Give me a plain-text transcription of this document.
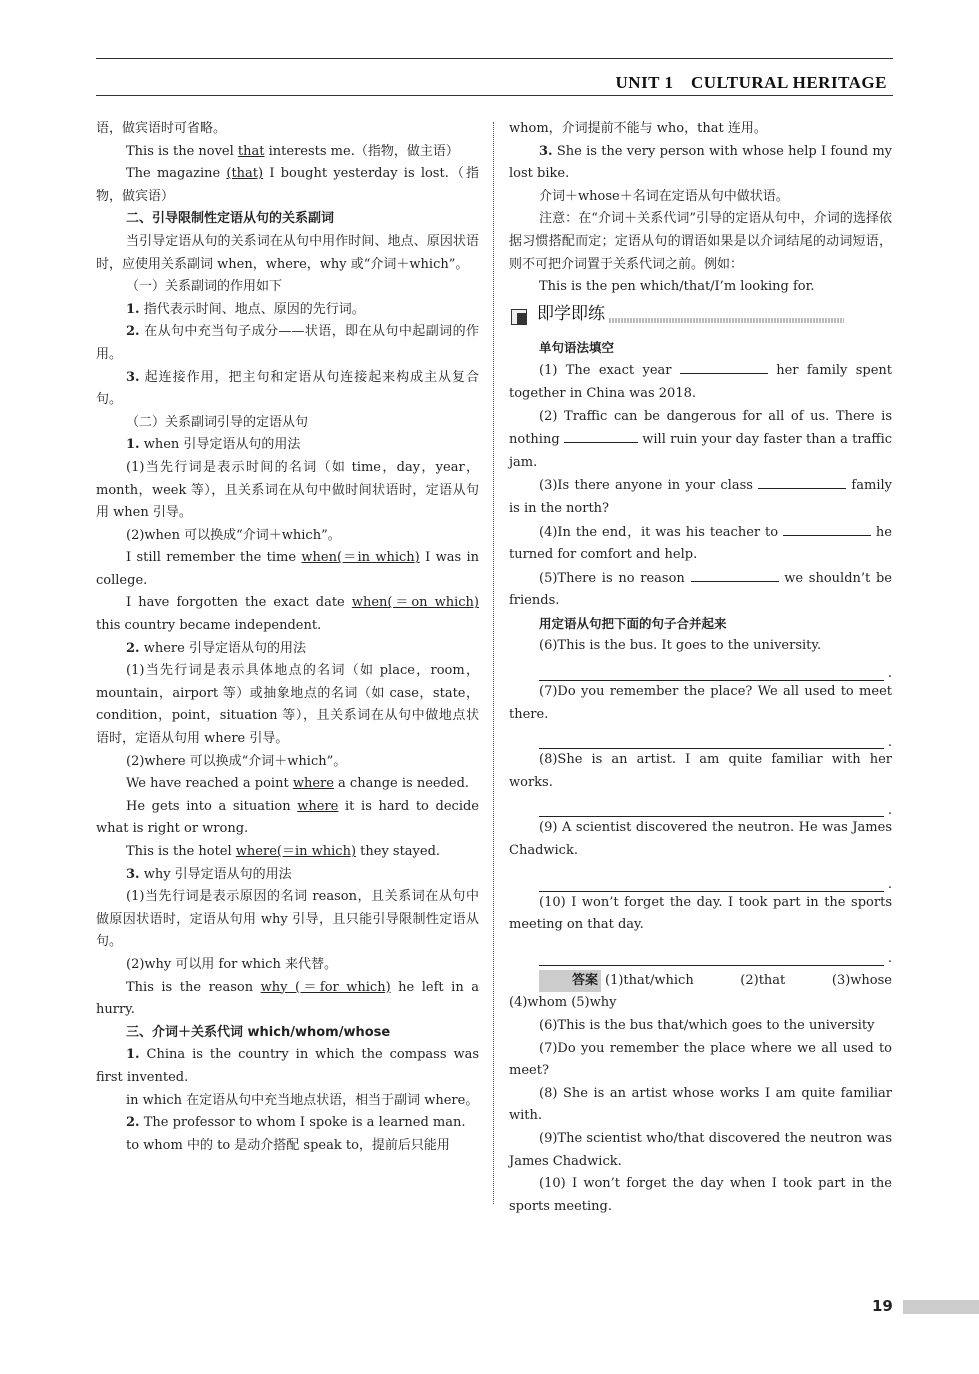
UNIT 1　CULTURAL HERITAGE

语，做宾语时可省略。

This is the novel that interests me.（指物，做主语）

The magazine (that) I bought yesterday is lost.（指物，做宾语）

二、引导限制性定语从句的关系副词

当引导定语从句的关系词在从句中用作时间、地点、原因状语时，应使用关系副词 when，where，why 或“介词＋which”。

（一）关系副词的作用如下

1. 指代表示时间、地点、原因的先行词。

2. 在从句中充当句子成分——状语，即在从句中起副词的作用。

3. 起连接作用，把主句和定语从句连接起来构成主从复合句。

（二）关系副词引导的定语从句

1. when 引导定语从句的用法

(1)当先行词是表示时间的名词（如 time，day，year，month，week 等），且关系词在从句中做时间状语时，定语从句用 when 引导。

(2)when 可以换成“介词＋which”。

I still remember the time when(＝in which) I was in college.

I have forgotten the exact date when(＝on which) this country became independent.

2. where 引导定语从句的用法

(1)当先行词是表示具体地点的名词（如 place，room，mountain，airport 等）或抽象地点的名词（如 case，state，condition，point，situation 等），且关系词在从句中做地点状语时，定语从句用 where 引导。

(2)where 可以换成“介词＋which”。

We have reached a point where a change is needed.

He gets into a situation where it is hard to decide what is right or wrong.

This is the hotel where(＝in which) they stayed.

3. why 引导定语从句的用法

(1)当先行词是表示原因的名词 reason，且关系词在从句中做原因状语时，定语从句用 why 引导，且只能引导限制性定语从句。

(2)why 可以用 for which 来代替。

This is the reason why (＝for which) he left in a hurry.

三、介词＋关系代词 which/whom/whose

1. China is the country in which the compass was first invented.

in which 在定语从句中充当地点状语，相当于副词 where。

2. The professor to whom I spoke is a learned man.

to whom 中的 to 是动介搭配 speak to，提前后只能用

whom，介词提前不能与 who，that 连用。

3. She is the very person with whose help I found my lost bike.

介词＋whose＋名词在定语从句中做状语。

注意：在“介词＋关系代词”引导的定语从句中，介词的选择依据习惯搭配而定；定语从句的谓语如果是以介词结尾的动词短语，则不可把介词置于关系代词之前。例如：

This is the pen which/that/I’m looking for.

即学即练

单句语法填空

(1) The exact year	her family spent together in China was 2018.

(2) Traffic can be dangerous for all of us. There is nothing	will ruin your day faster than a traffic jam.

(3)Is there anyone in your class	family is in the north?

(4)In the end，it was his teacher to	he turned for comfort and help.

(5)There is no reason	we shouldn’t be friends.

用定语从句把下面的句子合并起来

(6)This is the bus. It goes to the university.

.

(7)Do you remember the place? We all used to meet there.

.

(8)She is an artist. I am quite familiar with her works.

.

(9) A scientist discovered the neutron. He was James Chadwick.

.

(10) I won’t forget the day. I took part in the sports meeting on that day.

.

答案 (1)that/which　(2)that　(3)whose　(4)whom (5)why

(6)This is the bus that/which goes to the university

(7)Do you remember the place where we all used to meet?

(8) She is an artist whose works I am quite familiar with.

(9)The scientist who/that discovered the neutron was James Chadwick.

(10) I won’t forget the day when I took part in the sports meeting.

19
